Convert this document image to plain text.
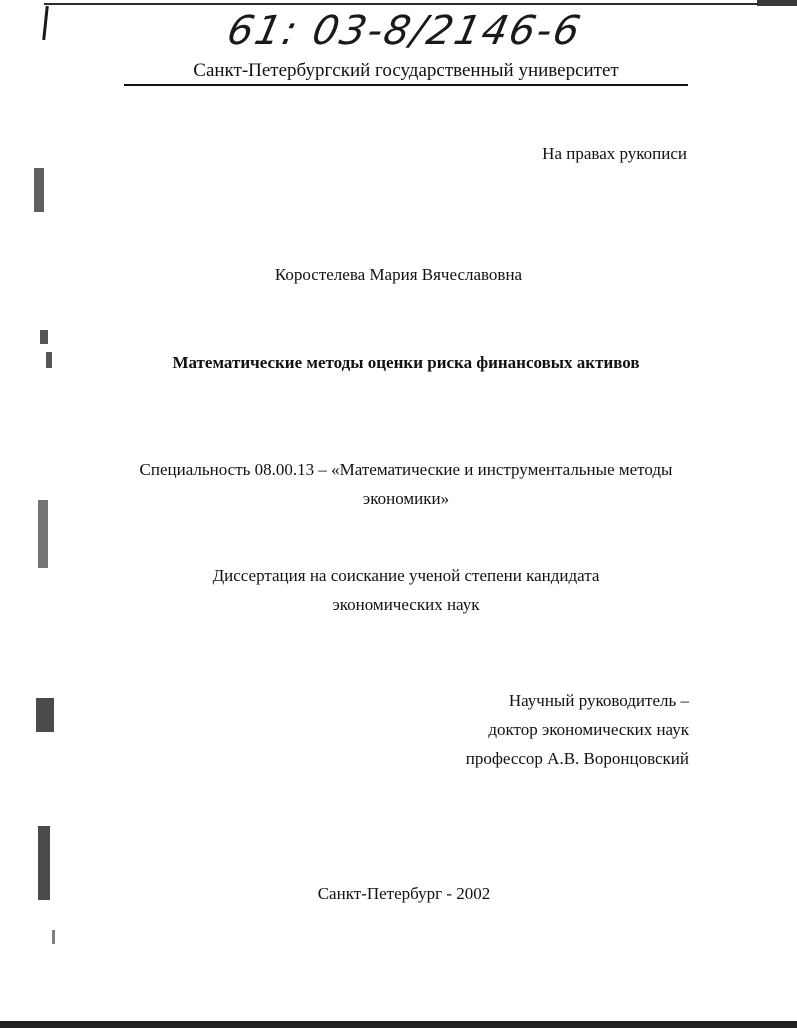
61: 03-8/2146-6
Санкт-Петербургский государственный университет
На правах рукописи
Коростелева Мария Вячеславовна
Математические методы оценки риска финансовых активов
Специальность 08.00.13 – «Математические и инструментальные методы
экономики»
Диссертация на соискание ученой степени кандидата
экономических наук
Научный руководитель –
доктор экономических наук
профессор А.В. Воронцовский
Санкт-Петербург - 2002
